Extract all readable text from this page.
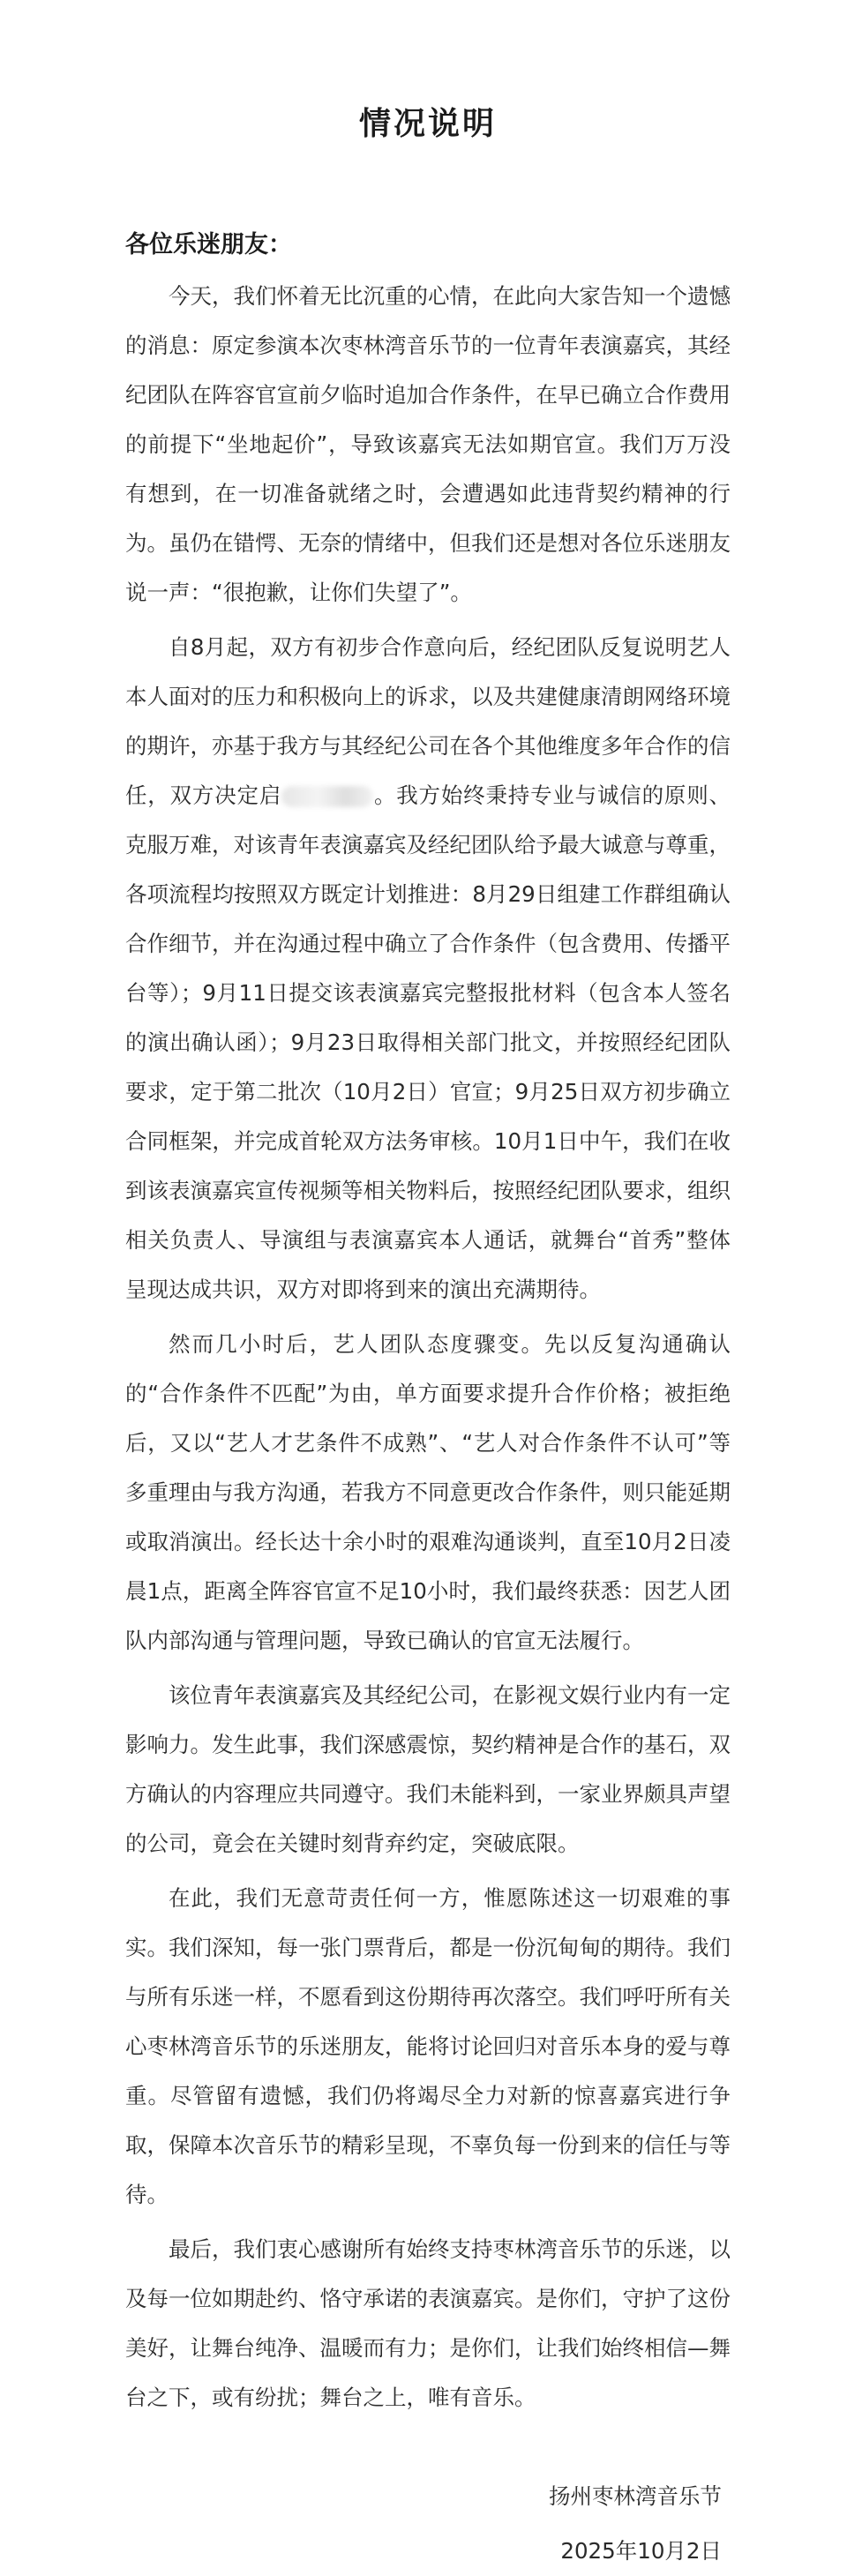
情况说明
各位乐迷朋友：

今天，我们怀着无比沉重的心情，在此向大家告知一个遗憾的消息：原定参演本次枣林湾音乐节的一位青年表演嘉宾，其经纪团队在阵容官宣前夕临时追加合作条件，在早已确立合作费用的前提下“坐地起价”，导致该嘉宾无法如期官宣。我们万万没有想到，在一切准备就绪之时，会遭遇如此违背契约精神的行为。虽仍在错愕、无奈的情绪中，但我们还是想对各位乐迷朋友说一声：“很抱歉，让你们失望了”。

自8月起，双方有初步合作意向后，经纪团队反复说明艺人本人面对的压力和积极向上的诉求，以及共建健康清朗网络环境的期许，亦基于我方与其经纪公司在各个其他维度多年合作的信任，双方决定启	。我方始终秉持专业与诚信的原则、克服万难，对该青年表演嘉宾及经纪团队给予最大诚意与尊重，各项流程均按照双方既定计划推进：8月29日组建工作群组确认合作细节，并在沟通过程中确立了合作条件（包含费用、传播平台等）；9月11日提交该表演嘉宾完整报批材料（包含本人签名的演出确认函）；9月23日取得相关部门批文，并按照经纪团队要求，定于第二批次（10月2日）官宣；9月25日双方初步确立合同框架，并完成首轮双方法务审核。10月1日中午，我们在收到该表演嘉宾宣传视频等相关物料后，按照经纪团队要求，组织相关负责人、导演组与表演嘉宾本人通话，就舞台“首秀”整体呈现达成共识，双方对即将到来的演出充满期待。

然而几小时后，艺人团队态度骤变。先以反复沟通确认的“合作条件不匹配”为由，单方面要求提升合作价格；被拒绝后，又以“艺人才艺条件不成熟”、“艺人对合作条件不认可”等多重理由与我方沟通，若我方不同意更改合作条件，则只能延期或取消演出。经长达十余小时的艰难沟通谈判，直至10月2日凌晨1点，距离全阵容官宣不足10小时，我们最终获悉：因艺人团队内部沟通与管理问题，导致已确认的官宣无法履行。

该位青年表演嘉宾及其经纪公司，在影视文娱行业内有一定影响力。发生此事，我们深感震惊，契约精神是合作的基石，双方确认的内容理应共同遵守。我们未能料到，一家业界颇具声望的公司，竟会在关键时刻背弃约定，突破底限。

在此，我们无意苛责任何一方，惟愿陈述这一切艰难的事实。我们深知，每一张门票背后，都是一份沉甸甸的期待。我们与所有乐迷一样，不愿看到这份期待再次落空。我们呼吁所有关心枣林湾音乐节的乐迷朋友，能将讨论回归对音乐本身的爱与尊重。尽管留有遗憾，我们仍将竭尽全力对新的惊喜嘉宾进行争取，保障本次音乐节的精彩呈现，不辜负每一份到来的信任与等待。

最后，我们衷心感谢所有始终支持枣林湾音乐节的乐迷，以及每一位如期赴约、恪守承诺的表演嘉宾。是你们，守护了这份美好，让舞台纯净、温暖而有力；是你们，让我们始终相信—舞台之下，或有纷扰；舞台之上，唯有音乐。

扬州枣林湾音乐节
2025年10月2日
